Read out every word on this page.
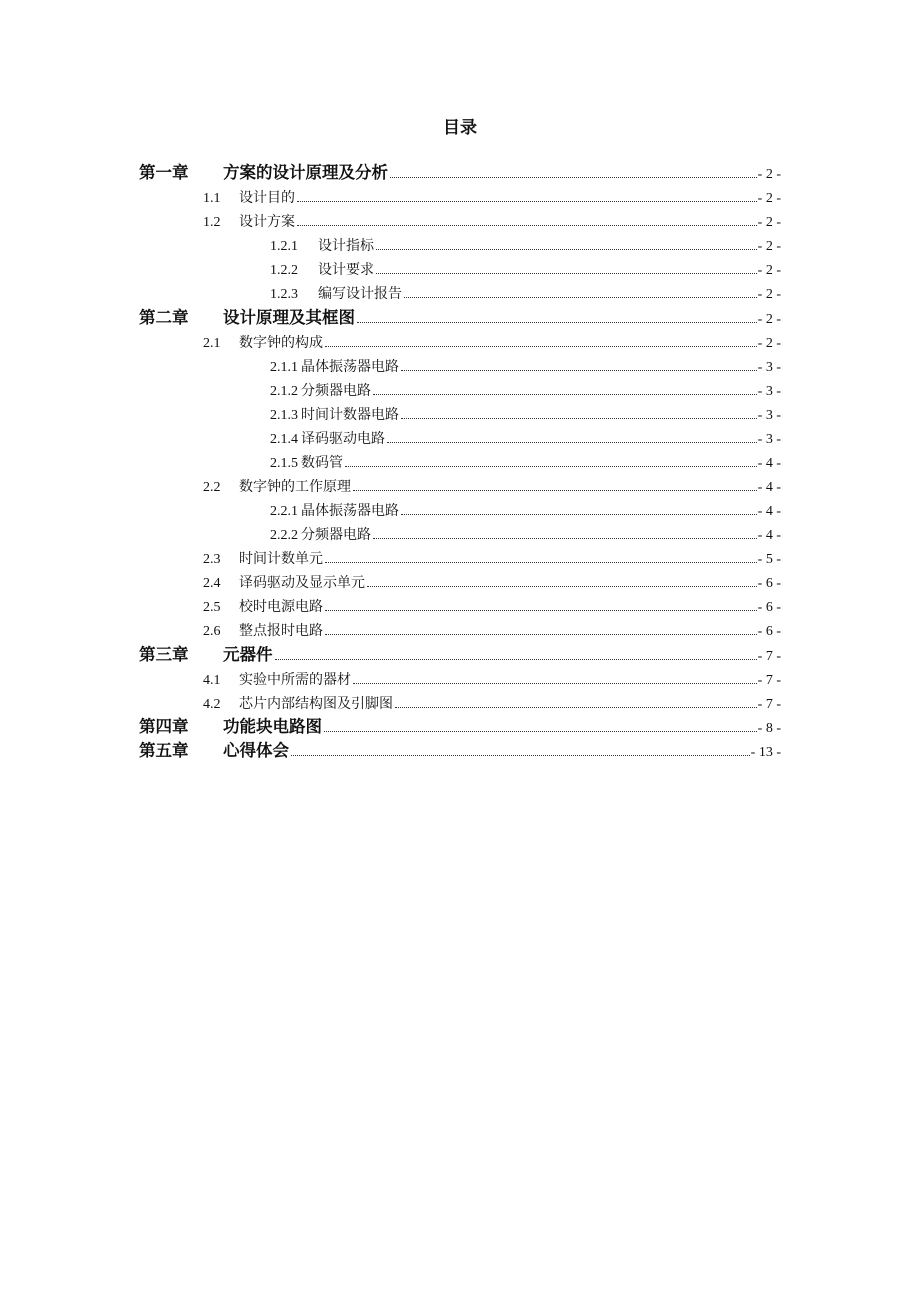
目录
第一章	方案的设计原理及分析	- 2 -
1.1	设计目的	- 2 -
1.2	设计方案	- 2 -
1.2.1	设计指标	- 2 -
1.2.2	设计要求	- 2 -
1.2.3	编写设计报告	- 2 -
第二章	设计原理及其框图	- 2 -
2.1	数字钟的构成	- 2 -
2.1.1 晶体振荡器电路	- 3 -
2.1.2 分频器电路	- 3 -
2.1.3 时间计数器电路	- 3 -
2.1.4 译码驱动电路	- 3 -
2.1.5 数码管	- 4 -
2.2	数字钟的工作原理	- 4 -
2.2.1 晶体振荡器电路	- 4 -
2.2.2 分频器电路	- 4 -
2.3	时间计数单元	- 5 -
2.4	译码驱动及显示单元	- 6 -
2.5	校时电源电路	- 6 -
2.6	整点报时电路	- 6 -
第三章	元器件	- 7 -
4.1	实验中所需的器材	- 7 -
4.2	芯片内部结构图及引脚图	- 7 -
第四章	功能块电路图	- 8 -
第五章	心得体会	- 13 -
